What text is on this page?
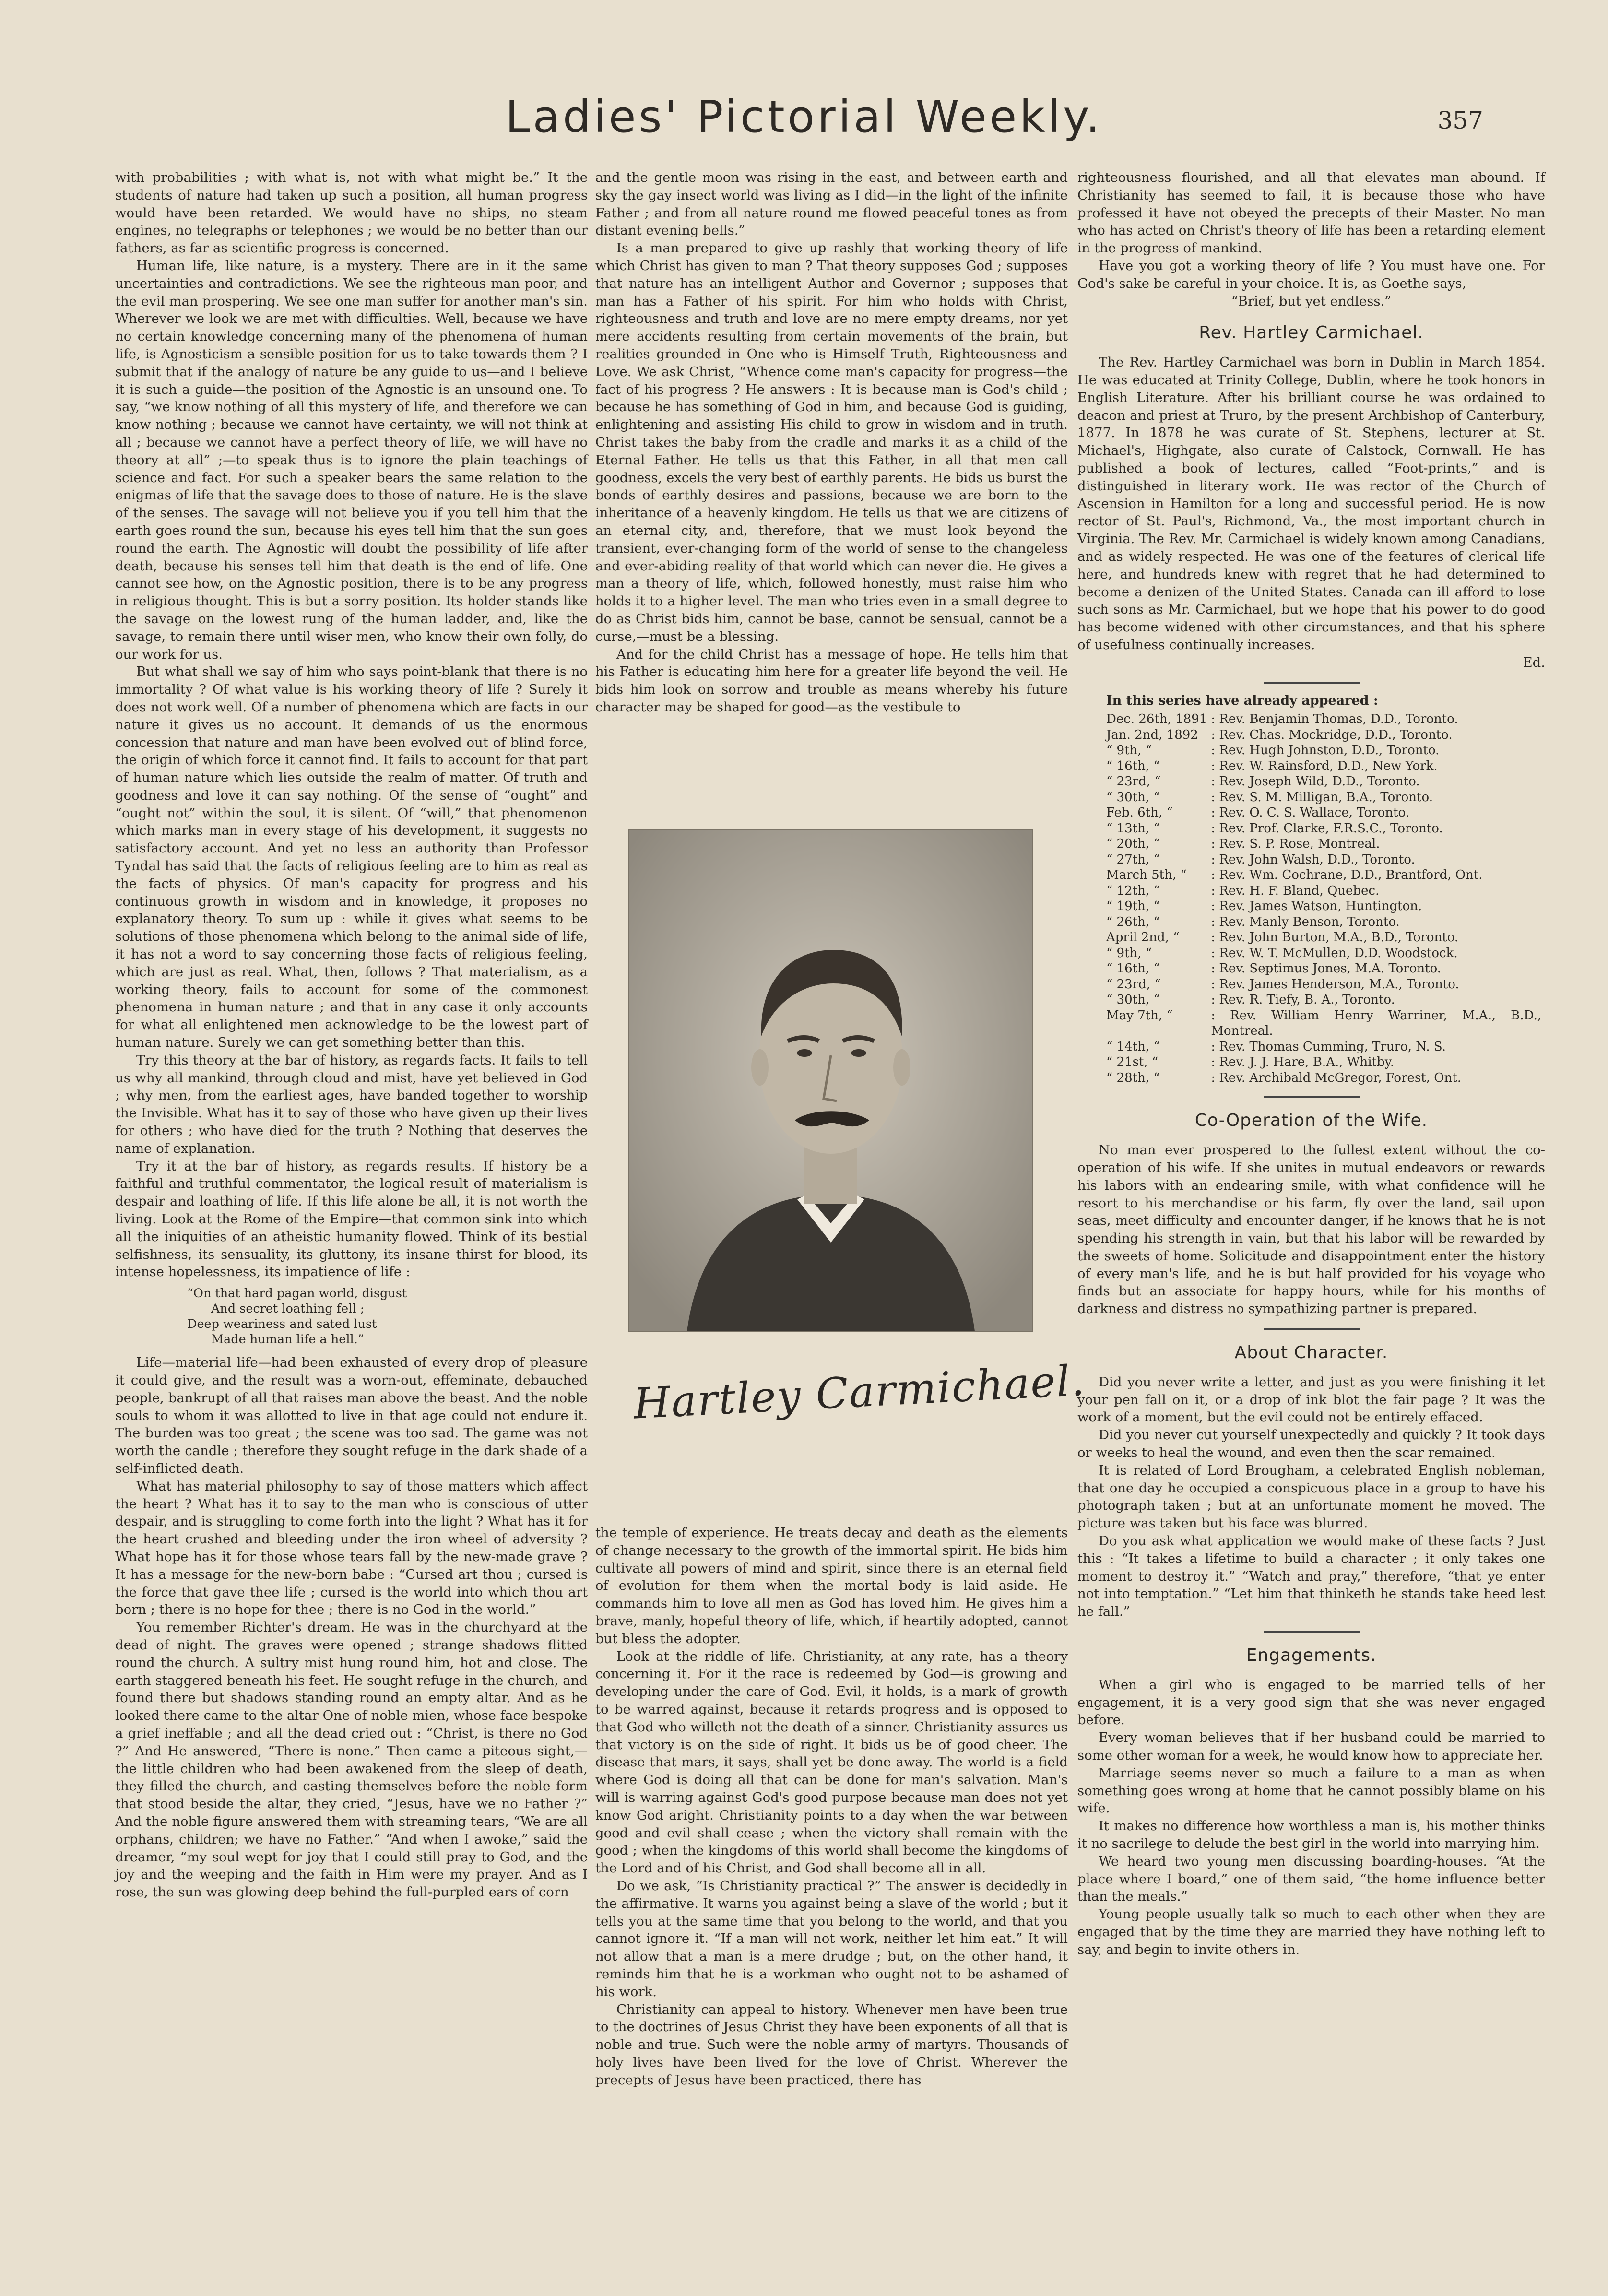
Ladies' Pictorial Weekly.	357

with probabilities ; with what is, not with what might be.” It the students of nature had taken up such a position, all human progress would have been retarded. We would have no ships, no steam engines, no telegraphs or telephones ; we would be no better than our fathers, as far as scientific progress is concerned.

Human life, like nature, is a mystery. There are in it the same uncertainties and contradictions. We see the righteous man poor, and the evil man prospering. We see one man suffer for another man's sin. Wherever we look we are met with difficulties. Well, because we have no certain knowledge concerning many of the phenomena of human life, is Agnosticism a sensible position for us to take towards them ? I submit that if the analogy of nature be any guide to us—and I believe it is such a guide—the position of the Agnostic is an unsound one. To say, “we know nothing of all this mystery of life, and therefore we can know nothing ; because we cannot have certainty, we will not think at all ; because we cannot have a perfect theory of life, we will have no theory at all” ;—to speak thus is to ignore the plain teachings of science and fact. For such a speaker bears the same relation to the enigmas of life that the savage does to those of nature. He is the slave of the senses. The savage will not believe you if you tell him that the earth goes round the sun, because his eyes tell him that the sun goes round the earth. The Agnostic will doubt the possibility of life after death, because his senses tell him that death is the end of life. One cannot see how, on the Agnostic position, there is to be any progress in religious thought. This is but a sorry position. Its holder stands like the savage on the lowest rung of the human ladder, and, like the savage, to remain there until wiser men, who know their own folly, do our work for us.

But what shall we say of him who says point-blank that there is no immortality ? Of what value is his working theory of life ? Surely it does not work well. Of a number of phenomena which are facts in our nature it gives us no account. It demands of us the enormous concession that nature and man have been evolved out of blind force, the origin of which force it cannot find. It fails to account for that part of human nature which lies outside the realm of matter. Of truth and goodness and love it can say nothing. Of the sense of “ought” and “ought not” within the soul, it is silent. Of “will,” that phenomenon which marks man in every stage of his development, it suggests no satisfactory account. And yet no less an authority than Professor Tyndal has said that the facts of religious feeling are to him as real as the facts of physics. Of man's capacity for progress and his continuous growth in wisdom and in knowledge, it proposes no explanatory theory. To sum up : while it gives what seems to be solutions of those phenomena which belong to the animal side of life, it has not a word to say concerning those facts of religious feeling, which are just as real. What, then, follows ? That materialism, as a working theory, fails to account for some of the commonest phenomena in human nature ; and that in any case it only accounts for what all enlightened men acknowledge to be the lowest part of human nature. Surely we can get something better than this.

Try this theory at the bar of history, as regards facts. It fails to tell us why all mankind, through cloud and mist, have yet believed in God ; why men, from the earliest ages, have banded together to worship the Invisible. What has it to say of those who have given up their lives for others ; who have died for the truth ? Nothing that deserves the name of explanation.

Try it at the bar of history, as regards results. If history be a faithful and truthful commentator, the logical result of materialism is despair and loathing of life. If this life alone be all, it is not worth the living. Look at the Rome of the Empire—that common sink into which all the iniquities of an atheistic humanity flowed. Think of its bestial selfishness, its sensuality, its gluttony, its insane thirst for blood, its intense hopelessness, its impatience of life :

“On that hard pagan world, disgust
And secret loathing fell ;
Deep weariness and sated lust
Made human life a hell.”

Life—material life—had been exhausted of every drop of pleasure it could give, and the result was a worn-out, effeminate, debauched people, bankrupt of all that raises man above the beast. And the noble souls to whom it was allotted to live in that age could not endure it. The burden was too great ; the scene was too sad. The game was not worth the candle ; therefore they sought refuge in the dark shade of a self-inflicted death.

What has material philosophy to say of those matters which affect the heart ? What has it to say to the man who is conscious of utter despair, and is struggling to come forth into the light ? What has it for the heart crushed and bleeding under the iron wheel of adversity ? What hope has it for those whose tears fall by the new-made grave ? It has a message for the new-born babe : “Cursed art thou ; cursed is the force that gave thee life ; cursed is the world into which thou art born ; there is no hope for thee ; there is no God in the world.”

You remember Richter's dream. He was in the churchyard at the dead of night. The graves were opened ; strange shadows flitted round the church. A sultry mist hung round him, hot and close. The earth staggered beneath his feet. He sought refuge in the church, and found there but shadows standing round an empty altar. And as he looked there came to the altar One of noble mien, whose face bespoke a grief ineffable ; and all the dead cried out : “Christ, is there no God ?” And He answered, “There is none.” Then came a piteous sight,—the little children who had been awakened from the sleep of death, they filled the church, and casting themselves before the noble form that stood beside the altar, they cried, “Jesus, have we no Father ?” And the noble figure answered them with streaming tears, “We are all orphans, children; we have no Father.” “And when I awoke,” said the dreamer, “my soul wept for joy that I could still pray to God, and the joy and the weeping and the faith in Him were my prayer. And as I rose, the sun was glowing deep behind the full-purpled ears of corn

and the gentle moon was rising in the east, and between earth and sky the gay insect world was living as I did—in the light of the infinite Father ; and from all nature round me flowed peaceful tones as from distant evening bells.”

Is a man prepared to give up rashly that working theory of life which Christ has given to man ? That theory supposes God ; supposes that nature has an intelligent Author and Governor ; supposes that man has a Father of his spirit. For him who holds with Christ, righteousness and truth and love are no mere empty dreams, nor yet mere accidents resulting from certain movements of the brain, but realities grounded in One who is Himself Truth, Righteousness and Love. We ask Christ, “Whence come man's capacity for progress—the fact of his progress ? He answers : It is because man is God's child ; because he has something of God in him, and because God is guiding, enlightening and assisting His child to grow in wisdom and in truth. Christ takes the baby from the cradle and marks it as a child of the Eternal Father. He tells us that this Father, in all that men call goodness, excels the very best of earthly parents. He bids us burst the bonds of earthly desires and passions, because we are born to the inheritance of a heavenly kingdom. He tells us that we are citizens of an eternal city, and, therefore, that we must look beyond the transient, ever-changing form of the world of sense to the changeless and ever-abiding reality of that world which can never die. He gives a man a theory of life, which, followed honestly, must raise him who holds it to a higher level. The man who tries even in a small degree to do as Christ bids him, cannot be base, cannot be sensual, cannot be a curse,—must be a blessing.

And for the child Christ has a message of hope. He tells him that his Father is educating him here for a greater life beyond the veil. He bids him look on sorrow and trouble as means whereby his future character may be shaped for good—as the vestibule to

Hartley Carmichael.

the temple of experience. He treats decay and death as the elements of change necessary to the growth of the immortal spirit. He bids him cultivate all powers of mind and spirit, since there is an eternal field of evolution for them when the mortal body is laid aside. He commands him to love all men as God has loved him. He gives him a brave, manly, hopeful theory of life, which, if heartily adopted, cannot but bless the adopter.

Look at the riddle of life. Christianity, at any rate, has a theory concerning it. For it the race is redeemed by God—is growing and developing under the care of God. Evil, it holds, is a mark of growth to be warred against, because it retards progress and is opposed to that God who willeth not the death of a sinner. Christianity assures us that victory is on the side of right. It bids us be of good cheer. The disease that mars, it says, shall yet be done away. The world is a field where God is doing all that can be done for man's salvation. Man's will is warring against God's good purpose because man does not yet know God aright. Christianity points to a day when the war between good and evil shall cease ; when the victory shall remain with the good ; when the kingdoms of this world shall become the kingdoms of the Lord and of his Christ, and God shall become all in all.

Do we ask, “Is Christianity practical ?” The answer is decidedly in the affirmative. It warns you against being a slave of the world ; but it tells you at the same time that you belong to the world, and that you cannot ignore it. “If a man will not work, neither let him eat.” It will not allow that a man is a mere drudge ; but, on the other hand, it reminds him that he is a workman who ought not to be ashamed of his work.

Christianity can appeal to history. Whenever men have been true to the doctrines of Jesus Christ they have been exponents of all that is noble and true. Such were the noble army of martyrs. Thousands of holy lives have been lived for the love of Christ. Wherever the precepts of Jesus have been practiced, there has

righteousness flourished, and all that elevates man abound. If Christianity has seemed to fail, it is because those who have professed it have not obeyed the precepts of their Master. No man who has acted on Christ's theory of life has been a retarding element in the progress of mankind.

Have you got a working theory of life ? You must have one. For God's sake be careful in your choice. It is, as Goethe says,

“Brief, but yet endless.”
Rev. Hartley Carmichael.

The Rev. Hartley Carmichael was born in Dublin in March 1854. He was educated at Trinity College, Dublin, where he took honors in English Literature. After his brilliant course he was ordained to deacon and priest at Truro, by the present Archbishop of Canterbury, 1877. In 1878 he was curate of St. Stephens, lecturer at St. Michael's, Highgate, also curate of Calstock, Cornwall. He has published a book of lectures, called “Foot-prints,” and is distinguished in literary work. He was rector of the Church of Ascension in Hamilton for a long and successful period. He is now rector of St. Paul's, Richmond, Va., the most important church in Virginia. The Rev. Mr. Carmichael is widely known among Canadians, and as widely respected. He was one of the features of clerical life here, and hundreds knew with regret that he had determined to become a denizen of the United States. Canada can ill afford to lose such sons as Mr. Carmichael, but we hope that his power to do good has become widened with other circumstances, and that his sphere of usefulness continually increases.

Ed.
In this series have already appeared :
Dec. 26th, 1891	: Rev. Benjamin Thomas, D.D., Toronto.
Jan. 2nd, 1892	: Rev. Chas. Mockridge, D.D., Toronto.
“ 9th, “	: Rev. Hugh Johnston, D.D., Toronto.
“ 16th, “	: Rev. W. Rainsford, D.D., New York.
“ 23rd, “	: Rev. Joseph Wild, D.D., Toronto.
“ 30th, “	: Rev. S. M. Milligan, B.A., Toronto.
Feb. 6th, “	: Rev. O. C. S. Wallace, Toronto.
“ 13th, “	: Rev. Prof. Clarke, F.R.S.C., Toronto.
“ 20th, “	: Rev. S. P. Rose, Montreal.
“ 27th, “	: Rev. John Walsh, D.D., Toronto.
March 5th, “	: Rev. Wm. Cochrane, D.D., Brantford, Ont.
“ 12th, “	: Rev. H. F. Bland, Quebec.
“ 19th, “	: Rev. James Watson, Huntington.
“ 26th, “	: Rev. Manly Benson, Toronto.
April 2nd, “	: Rev. John Burton, M.A., B.D., Toronto.
“ 9th, “	: Rev. W. T. McMullen, D.D. Woodstock.
“ 16th, “	: Rev. Septimus Jones, M.A. Toronto.
“ 23rd, “	: Rev. James Henderson, M.A., Toronto.
“ 30th, “	: Rev. R. Tiefy, B. A., Toronto.
May 7th, “	: Rev. William Henry Warriner, M.A., B.D., Montreal.
“ 14th, “	: Rev. Thomas Cumming, Truro, N. S.
“ 21st, “	: Rev. J. J. Hare, B.A., Whitby.
“ 28th, “	: Rev. Archibald McGregor, Forest, Ont.
Co-Operation of the Wife.

No man ever prospered to the fullest extent without the co-operation of his wife. If she unites in mutual endeavors or rewards his labors with an endearing smile, with what confidence will he resort to his merchandise or his farm, fly over the land, sail upon seas, meet difficulty and encounter danger, if he knows that he is not spending his strength in vain, but that his labor will be rewarded by the sweets of home. Solicitude and disappointment enter the history of every man's life, and he is but half provided for his voyage who finds but an associate for happy hours, while for his months of darkness and distress no sympathizing partner is prepared.

About Character.

Did you never write a letter, and just as you were finishing it let your pen fall on it, or a drop of ink blot the fair page ? It was the work of a moment, but the evil could not be entirely effaced.

Did you never cut yourself unexpectedly and quickly ? It took days or weeks to heal the wound, and even then the scar remained.

It is related of Lord Brougham, a celebrated English nobleman, that one day he occupied a conspicuous place in a group to have his photograph taken ; but at an unfortunate moment he moved. The picture was taken but his face was blurred.

Do you ask what application we would make of these facts ? Just this : “It takes a lifetime to build a character ; it only takes one moment to destroy it.” “Watch and pray,” therefore, “that ye enter not into temptation.” “Let him that thinketh he stands take heed lest he fall.”

Engagements.

When a girl who is engaged to be married tells of her engagement, it is a very good sign that she was never engaged before.

Every woman believes that if her husband could be married to some other woman for a week, he would know how to appreciate her.

Marriage seems never so much a failure to a man as when something goes wrong at home that he cannot possibly blame on his wife.

It makes no difference how worthless a man is, his mother thinks it no sacrilege to delude the best girl in the world into marrying him.

We heard two young men discussing boarding-houses. “At the place where I board,” one of them said, “the home influence better than the meals.”

Young people usually talk so much to each other when they are engaged that by the time they are married they have nothing left to say, and begin to invite others in.
